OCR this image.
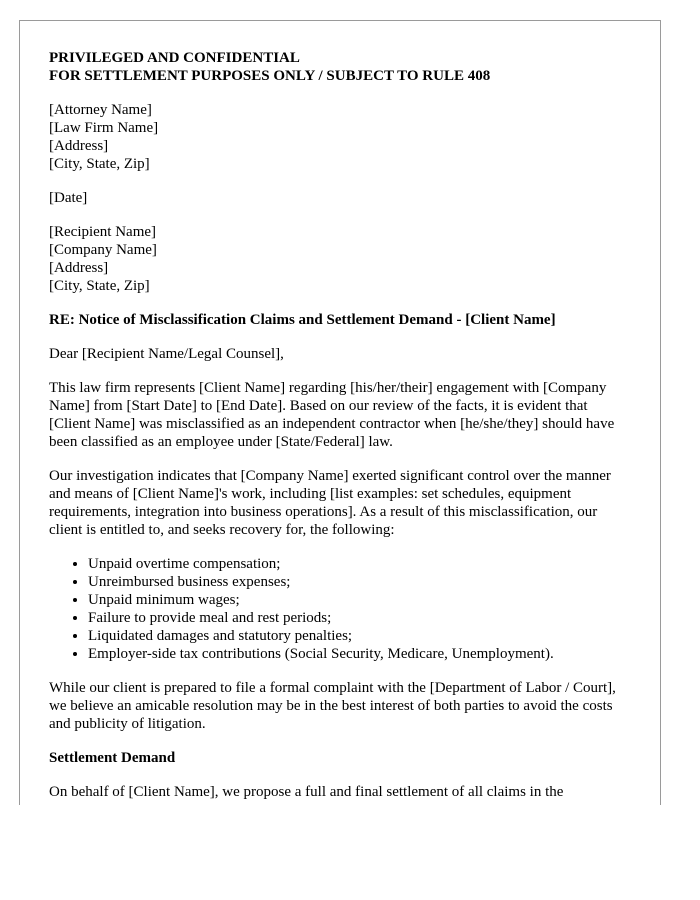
PRIVILEGED AND CONFIDENTIAL
FOR SETTLEMENT PURPOSES ONLY / SUBJECT TO RULE 408
[Attorney Name]
[Law Firm Name]
[Address]
[City, State, Zip]

[Date]

[Recipient Name]
[Company Name]
[Address]
[City, State, Zip]

RE: Notice of Misclassification Claims and Settlement Demand - [Client Name]

Dear [Recipient Name/Legal Counsel],

This law firm represents [Client Name] regarding [his/her/their] engagement with [Company Name] from [Start Date] to [End Date]. Based on our review of the facts, it is evident that [Client Name] was misclassified as an independent contractor when [he/she/they] should have been classified as an employee under [State/Federal] law.

Our investigation indicates that [Company Name] exerted significant control over the manner and means of [Client Name]'s work, including [list examples: set schedules, equipment requirements, integration into business operations]. As a result of this misclassification, our client is entitled to, and seeks recovery for, the following:

• Unpaid overtime compensation;
• Unreimbursed business expenses;
• Unpaid minimum wages;
• Failure to provide meal and rest periods;
• Liquidated damages and statutory penalties;
• Employer-side tax contributions (Social Security, Medicare, Unemployment).

While our client is prepared to file a formal complaint with the [Department of Labor / Court], we believe an amicable resolution may be in the best interest of both parties to avoid the costs and publicity of litigation.

Settlement Demand

On behalf of [Client Name], we propose a full and final settlement of all claims in the
